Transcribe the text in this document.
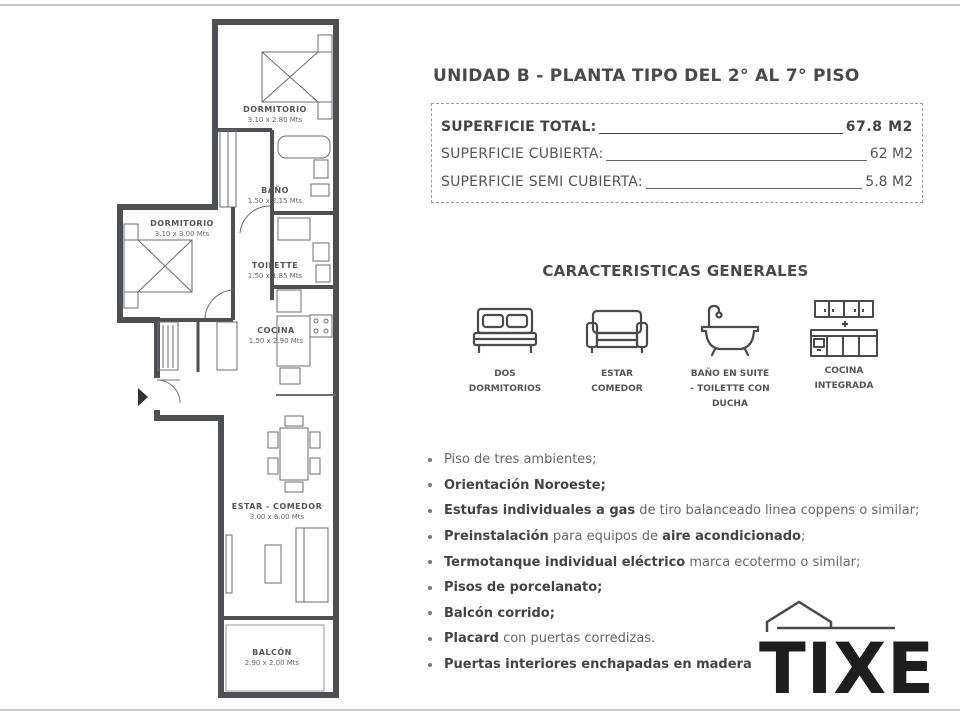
DORMITORIO
3.10 x 2.80 Mts
BAÑO
1.50 x 2.15 Mts
DORMITORIO
3.10 x 3.00 Mts
TOILETTE
1.50 x 1.85 Mts
COCINA
1.50 x 2.90 Mts
ESTAR - COMEDOR
3.00 x 6.00 Mts
BALCÓN
2.90 x 2.00 Mts
UNIDAD B - PLANTA TIPO DEL 2° AL 7° PISO
SUPERFICIE TOTAL:	67.8 M2
SUPERFICIE CUBIERTA:	62 M2
SUPERFICIE SEMI CUBIERTA:	5.8 M2
CARACTERISTICAS GENERALES
DOS
DORMITORIOS
ESTAR
COMEDOR
BAÑO EN SUITE
- TOILETTE CON
DUCHA
COCINA
INTEGRADA
Piso de tres ambientes;
Orientación Noroeste;
Estufas individuales a gas de tiro balanceado linea coppens o similar;
Preinstalación para equipos de aire acondicionado ;
Termotanque individual eléctrico marca ecotermo o similar;
Pisos de porcelanato;
Balcón corrido;
Placard con puertas corredizas.
Puertas interiores enchapadas en madera TIXE
